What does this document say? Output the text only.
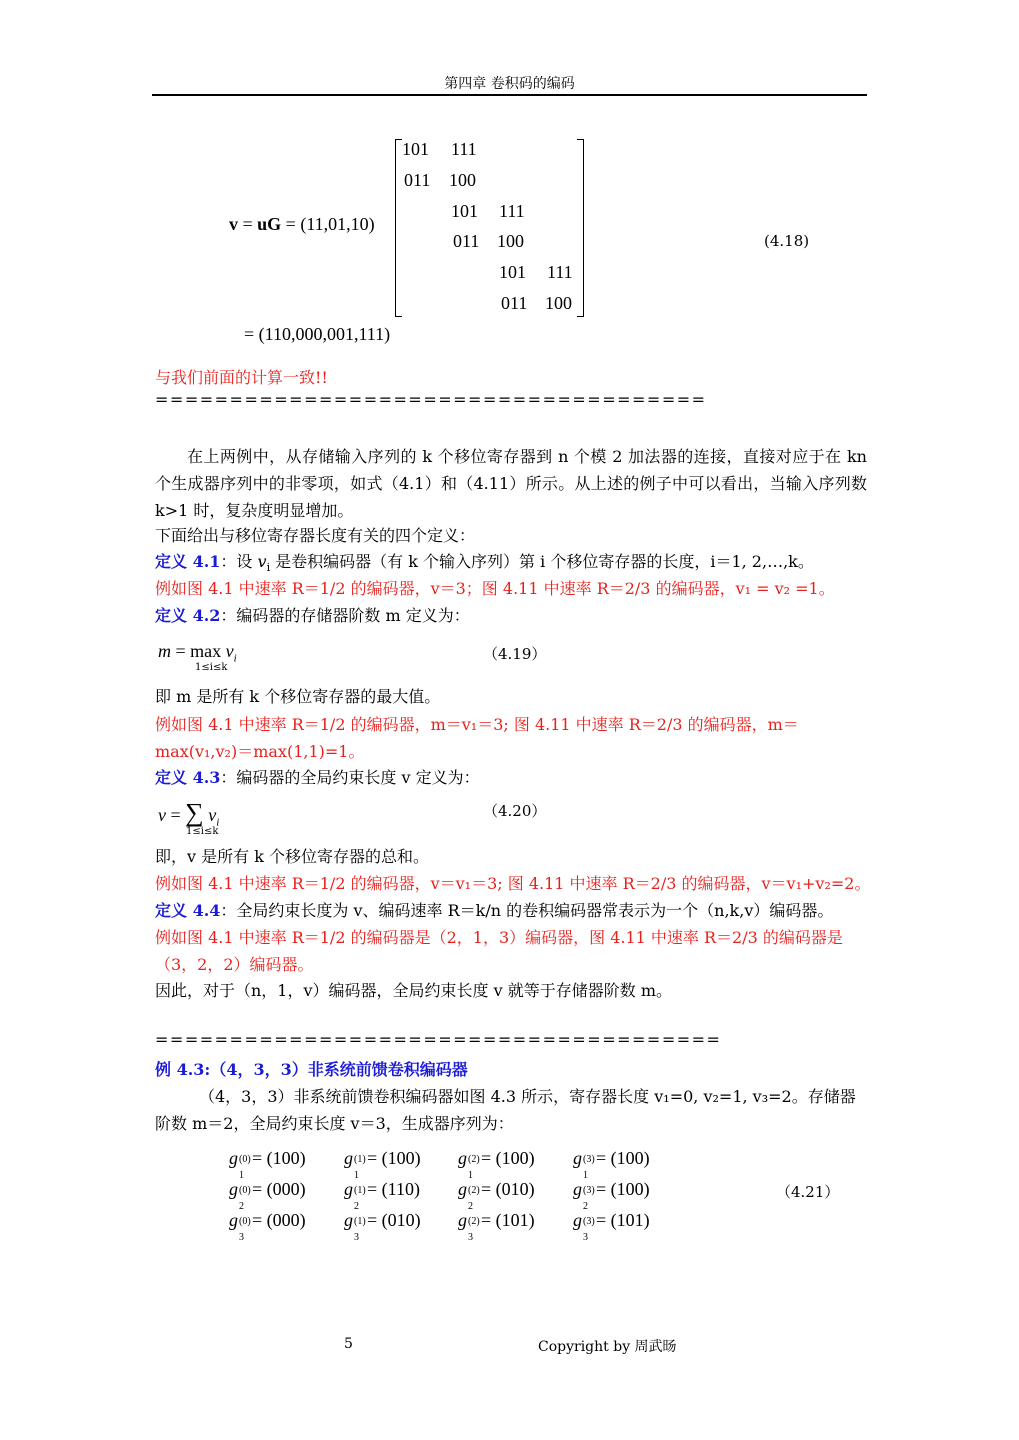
第四章 卷积码的编码
v = uG = (11,01,10)
101 111
011 100
101 111
011 100
101 111
011 100
(4.18)
= (110,000,001,111)
与我们前面的计算一致!!
=====================================
在上两例中，从存储输入序列的 k 个移位寄存器到 n 个模 2 加法器的连接，直接对应于在 kn 个生成器序列中的非零项，如式（4.1）和（4.11）所示。从上述的例子中可以看出，当输入序列数 k>1 时，复杂度明显增加。
下面给出与移位寄存器长度有关的四个定义：
定义 4.1：设 $v_i$ 是卷积编码器（有 k 个输入序列）第 i 个移位寄存器的长度，i＝1, 2,…,k。
例如图 4.1 中速率 R＝1/2 的编码器，v＝3；图 4.11 中速率 R＝2/3 的编码器，v₁ = v₂ =1。
定义 4.2：编码器的存储器阶数 m 定义为：
$m = \max v_i$
1≤i≤k
（4.19）
即 m 是所有 k 个移位寄存器的最大值。
例如图 4.1 中速率 R＝1/2 的编码器，m＝v₁＝3; 图 4.11 中速率 R＝2/3 的编码器，m＝max(v₁,v₂)＝max(1,1)=1。
定义 4.3：编码器的全局约束长度 v 定义为：
v = ∑ $v_i$
1≤i≤k
（4.20）
即，v 是所有 k 个移位寄存器的总和。
例如图 4.1 中速率 R＝1/2 的编码器，v＝v₁＝3; 图 4.11 中速率 R＝2/3 的编码器，v＝v₁+v₂=2。
定义 4.4：全局约束长度为 v、编码速率 R＝k/n 的卷积编码器常表示为一个（n,k,v）编码器。
例如图 4.1 中速率 R＝1/2 的编码器是（2，1，3）编码器，图 4.11 中速率 R＝2/3 的编码器是（3，2，2）编码器。
因此，对于（n，1，v）编码器，全局约束长度 v 就等于存储器阶数 m。
======================================
例 4.3:（4，3，3）非系统前馈卷积编码器
（4，3，3）非系统前馈卷积编码器如图 4.3 所示，寄存器长度 v₁=0, v₂=1, v₃=2。存储器阶数 m＝2，全局约束长度 v＝3，生成器序列为：
g (0)
1
= (100) g (1)
1
= (100) g (2)
1
= (100) g (3)
1
= (100)
g (0)
2
= (000) g (1)
2
= (110) g (2)
2
= (010) g (3)
2
= (100)
g (0)
3
= (000) g (1)
3
= (010) g (2)
3
= (101) g (3)
3
= (101)
（4.21）
5	Copyright by 周武旸
